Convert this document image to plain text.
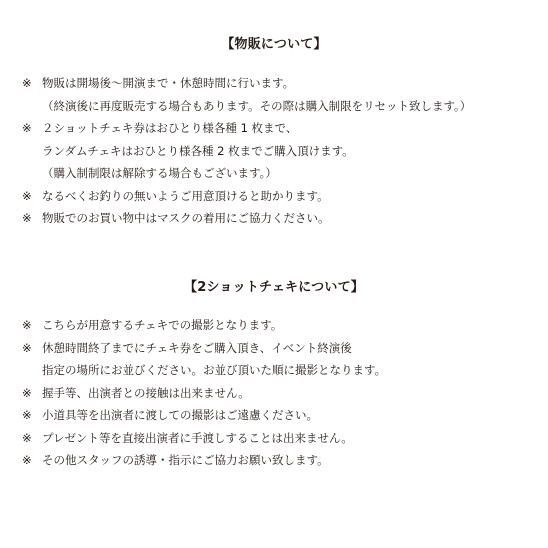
【物販について】
※ 物販は開場後〜開演まで・休憩時間に行います。
（終演後に再度販売する場合もあります。その際は購入制限をリセット致します。）
※ ２ショットチェキ券はおひとり様各種 1 枚まで、
ランダムチェキはおひとり様各種 2 枚までご購入頂けます。
（購入制制限は解除する場合もございます。）
※ なるべくお釣りの無いようご用意頂けると助かります。
※ 物販でのお買い物中はマスクの着用にご協力ください。
【2ショットチェキについて】
※ こちらが用意するチェキでの撮影となります。
※ 休憩時間終了までにチェキ券をご購入頂き、イベント終演後
指定の場所にお並びください。お並び頂いた順に撮影となります。
※ 握手等、出演者との接触は出来ません。
※ 小道具等を出演者に渡しての撮影はご遠慮ください。
※ プレゼント等を直接出演者に手渡しすることは出来ません。
※ その他スタッフの誘導・指示にご協力お願い致します。
